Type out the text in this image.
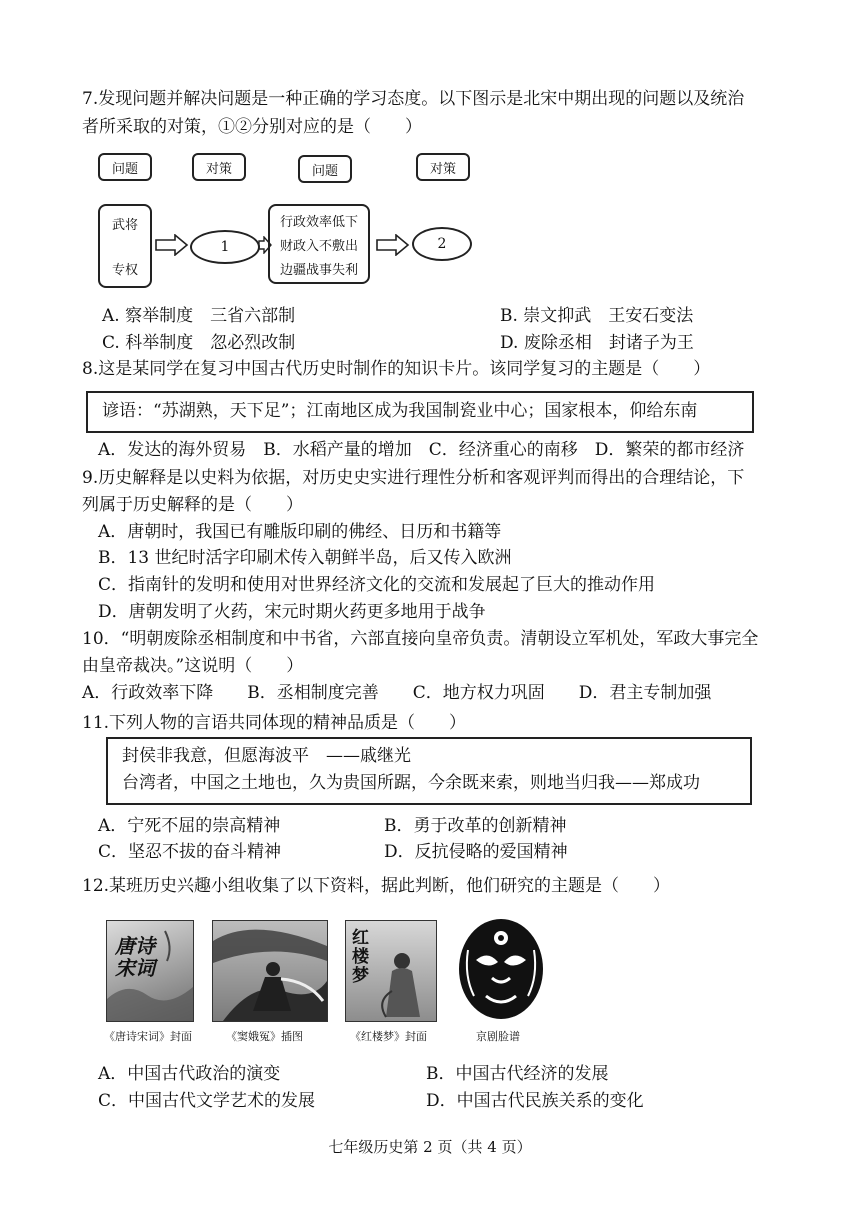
7.发现问题并解决问题是一种正确的学习态度。以下图示是北宋中期出现的问题以及统治
者所采取的对策，①②分别对应的是（　　）
问题	对策	问题	对策
武将
专权
1
行政效率低下
财政入不敷出
边疆战事失利
2
A. 察举制度　三省六部制	B. 崇文抑武　王安石变法
C. 科举制度　忽必烈改制	D. 废除丞相　封诸子为王
8.这是某同学在复习中国古代历史时制作的知识卡片。该同学复习的主题是（　　）
谚语：“苏湖熟，天下足”；江南地区成为我国制瓷业中心；国家根本，仰给东南
A．发达的海外贸易　B．水稻产量的增加　C．经济重心的南移　D．繁荣的都市经济
9.历史解释是以史料为依据，对历史史实进行理性分析和客观评判而得出的合理结论，下
列属于历史解释的是（　　）
A．唐朝时，我国已有雕版印刷的佛经、日历和书籍等
B．13 世纪时活字印刷术传入朝鲜半岛，后又传入欧洲
C．指南针的发明和使用对世界经济文化的交流和发展起了巨大的推动作用
D．唐朝发明了火药，宋元时期火药更多地用于战争
10．“明朝废除丞相制度和中书省，六部直接向皇帝负责。清朝设立军机处，军政大事完全
由皇帝裁决。”这说明（　　）
A．行政效率下降　　B．丞相制度完善　　C．地方权力巩固　　D．君主专制加强
11.下列人物的言语共同体现的精神品质是（　　）
封侯非我意，但愿海波平　——戚继光
台湾者，中国之土地也，久为贵国所踞，今余既来索，则地当归我——郑成功
A．宁死不屈的崇高精神	B．勇于改革的创新精神
C．坚忍不拔的奋斗精神	D．反抗侵略的爱国精神
12.某班历史兴趣小组收集了以下资料，据此判断，他们研究的主题是（　　）
唐诗宋词
红楼梦
《唐诗宋词》封面	《窦娥冤》插图	《红楼梦》封面	京剧脸谱
A．中国古代政治的演变	B．中国古代经济的发展
C．中国古代文学艺术的发展	D．中国古代民族关系的变化
七年级历史第 2 页（共 4 页）
